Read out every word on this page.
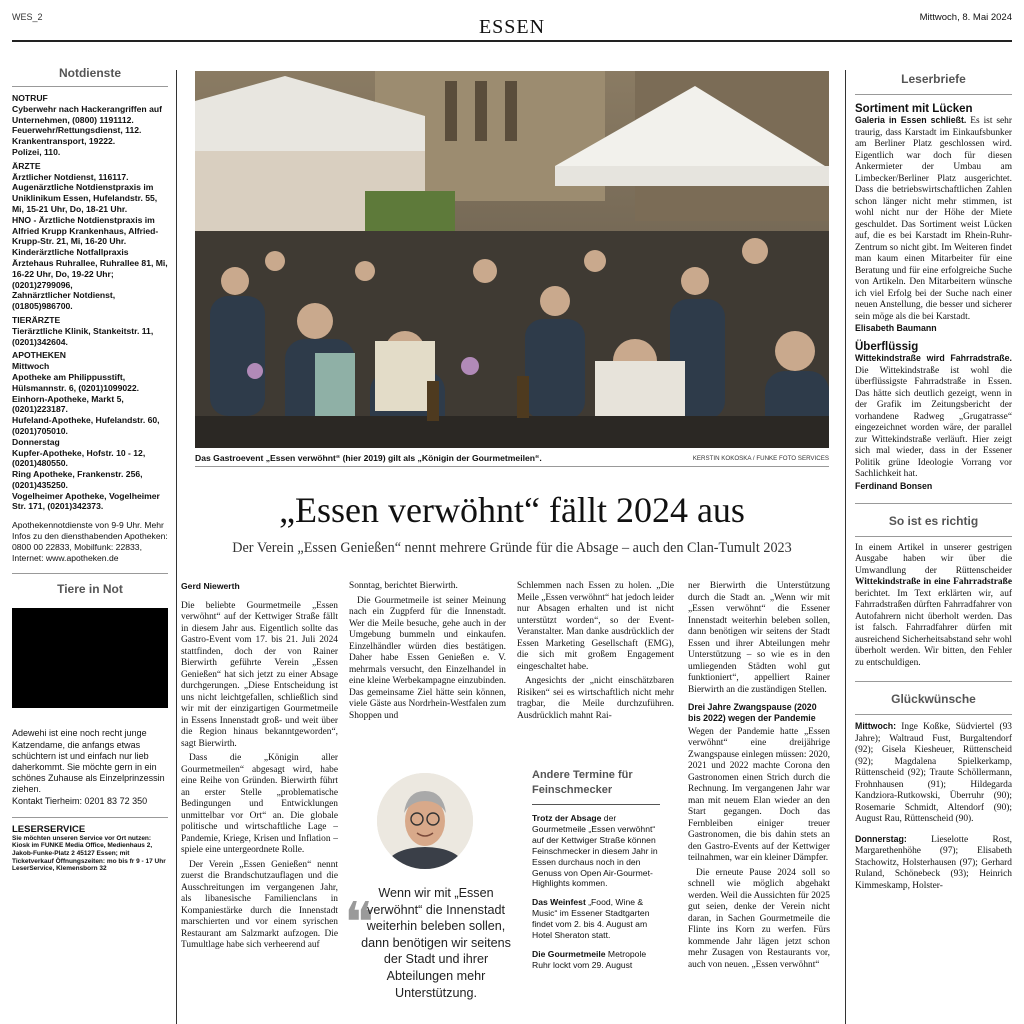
WES_2	ESSEN	Mittwoch, 8. Mai 2024
Notdienste
NOTRUF
Cyberwehr nach Hackerangriffen auf Unternehmen, (0800) 1191112.
Feuerwehr/Rettungsdienst, 112.
Krankentransport, 19222.
Polizei, 110.
ÄRZTE
Ärztlicher Notdienst, 116117.
Augenärztliche Notdienstpraxis im Uniklinikum Essen, Hufelandstr. 55, Mi, 15-21 Uhr, Do, 18-21 Uhr.
HNO - Ärztliche Notdienstpraxis im Alfried Krupp Krankenhaus, Alfried-Krupp-Str. 21, Mi, 16-20 Uhr.
Kinderärztliche Notfallpraxis Ärztehaus Ruhrallee, Ruhrallee 81, Mi, 16-22 Uhr, Do, 19-22 Uhr; (0201)2799096,
Zahnärztlicher Notdienst, (01805)986700.
TIERÄRZTE
Tierärztliche Klinik, Stankeitstr. 11, (0201)342604.
APOTHEKEN
Mittwoch
Apotheke am Philippusstift, Hülsmannstr. 6, (0201)1099022.
Einhorn-Apotheke, Markt 5, (0201)223187.
Hufeland-Apotheke, Hufelandstr. 60, (0201)705010.
Donnerstag
Kupfer-Apotheke, Hofstr. 10 - 12, (0201)480550.
Ring Apotheke, Frankenstr. 256, (0201)435250.
Vogelheimer Apotheke, Vogelheimer Str. 171, (0201)342373.
Apothekennotdienste von 9-9 Uhr. Mehr Infos zu den diensthabenden Apotheken: 0800 00 22833, Mobilfunk: 22833, Internet: www.apotheken.de
Tiere in Not
Adewehi ist eine noch recht junge Katzendame, die anfangs etwas schüchtern ist und einfach nur lieb daherkommt. Sie möchte gern in ein schönes Zuhause als Einzelprinzessin ziehen.
Kontakt Tierheim: 0201 83 72 350
LESERSERVICE
Sie möchten unseren Service vor Ort nutzen: Kiosk im FUNKE Media Office, Medienhaus 2, Jakob-Funke-Platz 2 45127 Essen; mit Ticketverkauf Öffnungszeiten: mo bis fr 9 - 17 Uhr LeserService, Klemensborn 32
Das Gastroevent „Essen verwöhnt“ (hier 2019) gilt als „Königin der Gourmetmeilen“.	KERSTIN KOKOSKA / FUNKE FOTO SERVICES
„Essen verwöhnt“ fällt 2024 aus
Der Verein „Essen Genießen“ nennt mehrere Gründe für die Absage – auch den Clan-Tumult 2023

Gerd Niewerth

Die beliebte Gourmetmeile „Essen verwöhnt“ auf der Kettwiger Straße fällt in diesem Jahr aus. Eigentlich sollte das Gastro-Event vom 17. bis 21. Juli 2024 stattfinden, doch der von Rainer Bierwirth geführte Verein „Essen Genießen“ hat sich jetzt zu einer Absage durchgerungen. „Diese Entscheidung ist uns nicht leichtgefallen, schließlich sind wir mit der einzigartigen Gourmetmeile in Essens Innenstadt groß- und weit über die Region hinaus bekanntgeworden“, sagt Bierwirth.

Dass die „Königin aller Gourmetmeilen“ abgesagt wird, habe eine Reihe von Gründen. Bierwirth führt an erster Stelle „problematische Bedingungen und Entwicklungen unmittelbar vor Ort“ an. Die globale politische und wirtschaftliche Lage – Pandemie, Kriege, Krisen und Inflation – spiele eine untergeordnete Rolle.

Der Verein „Essen Genießen“ nennt zuerst die Brandschutzauflagen und die Ausschreitungen im vergangenen Jahr, als libanesische Familienclans in Kompaniestärke durch die Innenstadt marschierten und vor einem syrischen Restaurant am Salzmarkt aufzogen. Die Tumultlage habe sich verheerend auf

Sonntag, berichtet Bierwirth.

Die Gourmetmeile ist seiner Meinung nach ein Zugpferd für die Innenstadt. Wer die Meile besuche, gehe auch in der Umgebung bummeln und einkaufen. Einzelhändler würden dies bestätigen. Daher habe Essen Genießen e. V. mehrmals versucht, den Einzelhandel in eine kleine Werbekampagne einzubinden. Das gemeinsame Ziel hätte sein können, viele Gäste aus Nordrhein-Westfalen zum Shoppen und

❝ Wenn wir mit „Essen verwöhnt“ die Innenstadt weiterhin beleben sollen, dann benötigen wir seitens der Stadt und ihrer Abteilungen mehr Unterstützung.

Schlemmen nach Essen zu holen. „Die Meile „Essen verwöhnt“ hat jedoch leider nur Absagen erhalten und ist nicht unterstützt worden“, so der Event-Veranstalter. Man danke ausdrücklich der Essen Marketing Gesellschaft (EMG), die sich mit großem Engagement eingeschaltet habe.

Angesichts der „nicht einschätzbaren Risiken“ sei es wirtschaftlich nicht mehr tragbar, die Meile durchzuführen. Ausdrücklich mahnt Rai-

Andere Termine für Feinschmecker
Trotz der Absage der Gourmetmeile „Essen verwöhnt“ auf der Kettwiger Straße können Feinschmecker in diesem Jahr in Essen durchaus noch in den Genuss von Open Air-Gourmet-Highlights kommen.
Das Weinfest „Food, Wine & Music“ im Essener Stadtgarten findet vom 2. bis 4. August am Hotel Sheraton statt.
Die Gourmetmeile Metropole Ruhr lockt vom 29. August

ner Bierwirth die Unterstützung durch die Stadt an. „Wenn wir mit „Essen verwöhnt“ die Essener Innenstadt weiterhin beleben sollen, dann benötigen wir seitens der Stadt Essen und ihrer Abteilungen mehr Unterstützung – so wie es in den umliegenden Städten wohl gut funktioniert“, appelliert Rainer Bierwirth an die zuständigen Stellen.

Drei Jahre Zwangspause (2020 bis 2022) wegen der Pandemie

Wegen der Pandemie hatte „Essen verwöhnt“ eine dreijährige Zwangspause einlegen müssen: 2020, 2021 und 2022 machte Corona den Gastronomen einen Strich durch die Rechnung. Im vergangenen Jahr war man mit neuem Elan wieder an den Start gegangen. Doch das Fernbleiben einiger treuer Gastronomen, die bis dahin stets an den Gastro-Events auf der Kettwiger teilnahmen, war ein kleiner Dämpfer.

Die erneute Pause 2024 soll so schnell wie möglich abgehakt werden. Weil die Aussichten für 2025 gut seien, denke der Verein nicht daran, in Sachen Gourmetmeile die Flinte ins Korn zu werfen. Fürs kommende Jahr lägen jetzt schon mehr Zusagen von Restaurants vor, auch von neuen. „Essen verwöhnt“

Leserbriefe
Sortiment mit Lücken
Galeria in Essen schließt. Es ist sehr traurig, dass Karstadt im Einkaufsbunker am Berliner Platz geschlossen wird. Eigentlich war doch für diesen Ankermieter der Umbau am Limbecker/Berliner Platz ausgerichtet. Dass die betriebswirtschaftlichen Zahlen schon länger nicht mehr stimmen, ist wohl nicht nur der Höhe der Miete geschuldet. Das Sortiment weist Lücken auf, die es bei Karstadt im Rhein-Ruhr-Zentrum so nicht gibt. Im Weiteren findet man kaum einen Mitarbeiter für eine Beratung und für eine erfolgreiche Suche von Artikeln. Den Mitarbeitern wünsche ich viel Erfolg bei der Suche nach einer neuen Anstellung, die besser und sicherer sein möge als die bei Karstadt.
Elisabeth Baumann
Überflüssig
Wittekindstraße wird Fahrradstraße. Die Wittekindstraße ist wohl die überflüssigste Fahrradstraße in Essen. Das hätte sich deutlich gezeigt, wenn in der Grafik im Zeitungsbericht der vorhandene Radweg „Grugatrasse“ eingezeichnet worden wäre, der parallel zur Wittekindstraße verläuft. Hier zeigt sich mal wieder, dass in der Essener Politik grüne Ideologie Vorrang vor Sachlichkeit hat.
Ferdinand Bonsen
So ist es richtig
In einem Artikel in unserer gestrigen Ausgabe haben wir über die Umwandlung der Rüttenscheider Wittekindstraße in eine Fahrradstraße berichtet. Im Text erklärten wir, auf Fahrradstraßen dürften Fahrradfahrer von Autofahrern nicht überholt werden. Das ist falsch. Fahrradfahrer dürfen mit ausreichend Sicherheitsabstand sehr wohl überholt werden. Wir bitten, den Fehler zu entschuldigen.
Glückwünsche
Mittwoch: Inge Koßke, Südviertel (93 Jahre); Waltraud Fust, Burgaltendorf (92); Gisela Kiesheuer, Rüttenscheid (92); Magdalena Spielkerkamp, Rüttenscheid (92); Traute Schöllermann, Frohnhausen (91); Hildegarda Kandziora-Rutkowski, Überruhr (90); Rosemarie Schmidt, Altendorf (90); August Rau, Rüttenscheid (90).
Donnerstag: Lieselotte Rost, Margarethenhöhe (97); Elisabeth Stachowitz, Holsterhausen (97); Gerhard Ruland, Schönebeck (93); Heinrich Kimmeskamp, Holster-
